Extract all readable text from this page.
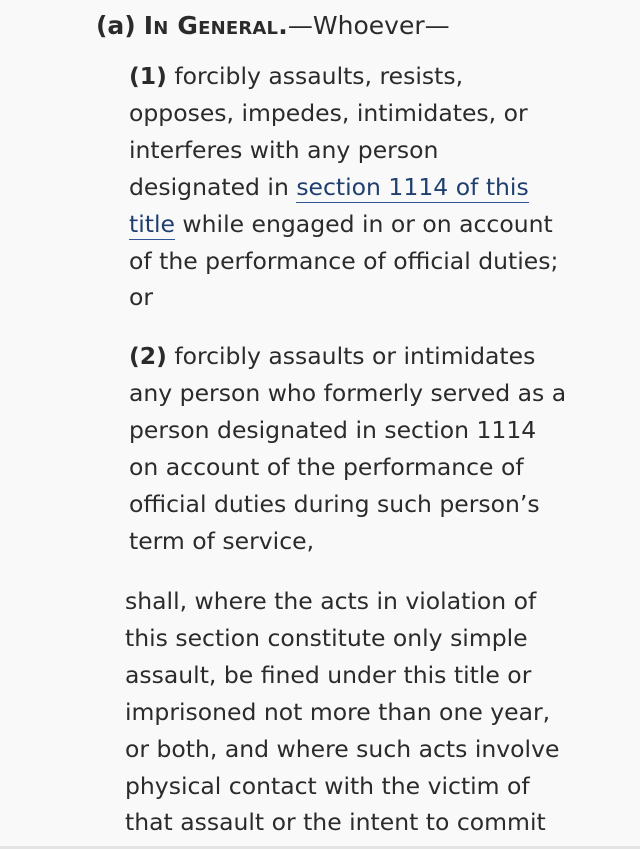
(a) In General.—Whoever—

(1) forcibly assaults, resists,
opposes, impedes, intimidates, or
interferes with any person
designated in section 1114 of this
title while engaged in or on account
of the performance of official duties;
or

(2) forcibly assaults or intimidates
any person who formerly served as a
person designated in section 1114
on account of the performance of
official duties during such person’s
term of service,

shall, where the acts in violation of
this section constitute only simple
assault, be fined under this title or
imprisoned not more than one year,
or both, and where such acts involve
physical contact with the victim of
that assault or the intent to commit
